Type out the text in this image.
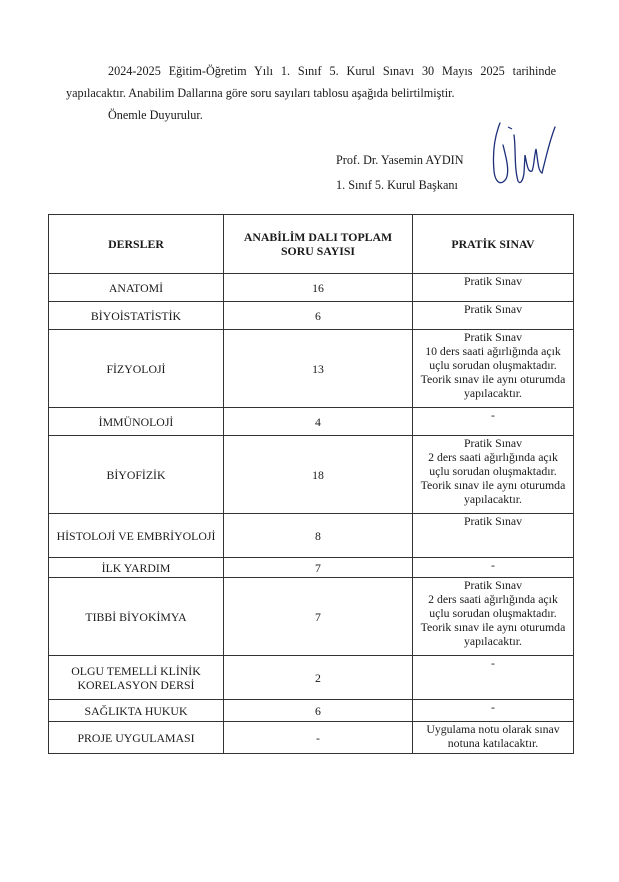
2024-2025 Eğitim-Öğretim Yılı 1. Sınıf 5. Kurul Sınavı 30 Mayıs 2025 tarihinde yapılacaktır. Anabilim Dallarına göre soru sayıları tablosu aşağıda belirtilmiştir.
Önemle Duyurulur.
Prof. Dr. Yasemin AYDIN
1. Sınıf 5. Kurul Başkanı
DERSLER	ANABİLİM DALI TOPLAM SORU SAYISI	PRATİK SINAV
ANATOMİ	16	Pratik Sınav
BİYOİSTATİSTİK	6	Pratik Sınav
FİZYOLOJİ	13	Pratik Sınav
10 ders saati ağırlığında açık uçlu sorudan oluşmaktadır.
Teorik sınav ile aynı oturumda yapılacaktır.
İMMÜNOLOJİ	4	-
BİYOFİZİK	18	Pratik Sınav
2 ders saati ağırlığında açık uçlu sorudan oluşmaktadır.
Teorik sınav ile aynı oturumda yapılacaktır.
HİSTOLOJİ VE EMBRİYOLOJİ	8	Pratik Sınav
İLK YARDIM	7	-
TIBBİ BİYOKİMYA	7	Pratik Sınav
2 ders saati ağırlığında açık uçlu sorudan oluşmaktadır.
Teorik sınav ile aynı oturumda yapılacaktır.
OLGU TEMELLİ KLİNİK KORELASYON DERSİ	2	-
SAĞLIKTA HUKUK	6	-
PROJE UYGULAMASI	-	Uygulama notu olarak sınav notuna katılacaktır.
